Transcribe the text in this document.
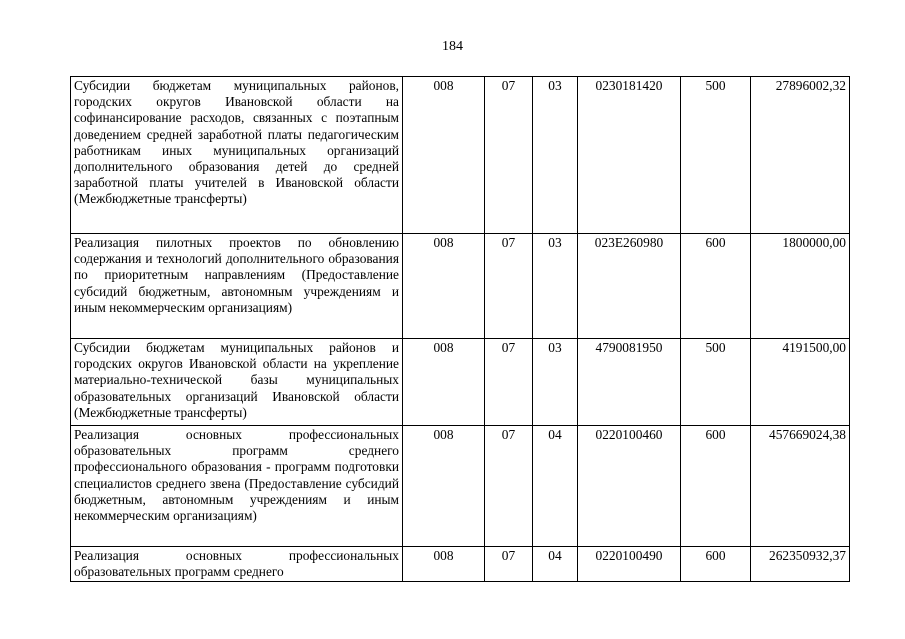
184
Субсидии бюджетам муниципальных районов, городских округов Ивановской области на софинансирование расходов, связанных с поэтапным доведением средней заработной платы педагогическим работникам иных муниципальных организаций дополнительного образования детей до средней заработной платы учителей в Ивановской области (Межбюджетные трансферты)	008	07	03	0230181420	500	27896002,32
Реализация пилотных проектов по обновлению содержания и технологий дополнительного образования по приоритетным направлениям (Предоставление субсидий бюджетным, автономным учреждениям и иным некоммерческим организациям)	008	07	03	023E260980	600	1800000,00
Субсидии бюджетам муниципальных районов и городских округов Ивановской области на укрепление материально-технической базы муниципальных образовательных организаций Ивановской области (Межбюджетные трансферты)	008	07	03	4790081950	500	4191500,00
Реализация основных профессиональных образовательных программ среднего профессионального образования - программ подготовки специалистов среднего звена (Предоставление субсидий бюджетным, автономным учреждениям и иным некоммерческим организациям)	008	07	04	0220100460	600	457669024,38
Реализация основных профессиональных образовательных программ среднего	008	07	04	0220100490	600	262350932,37
